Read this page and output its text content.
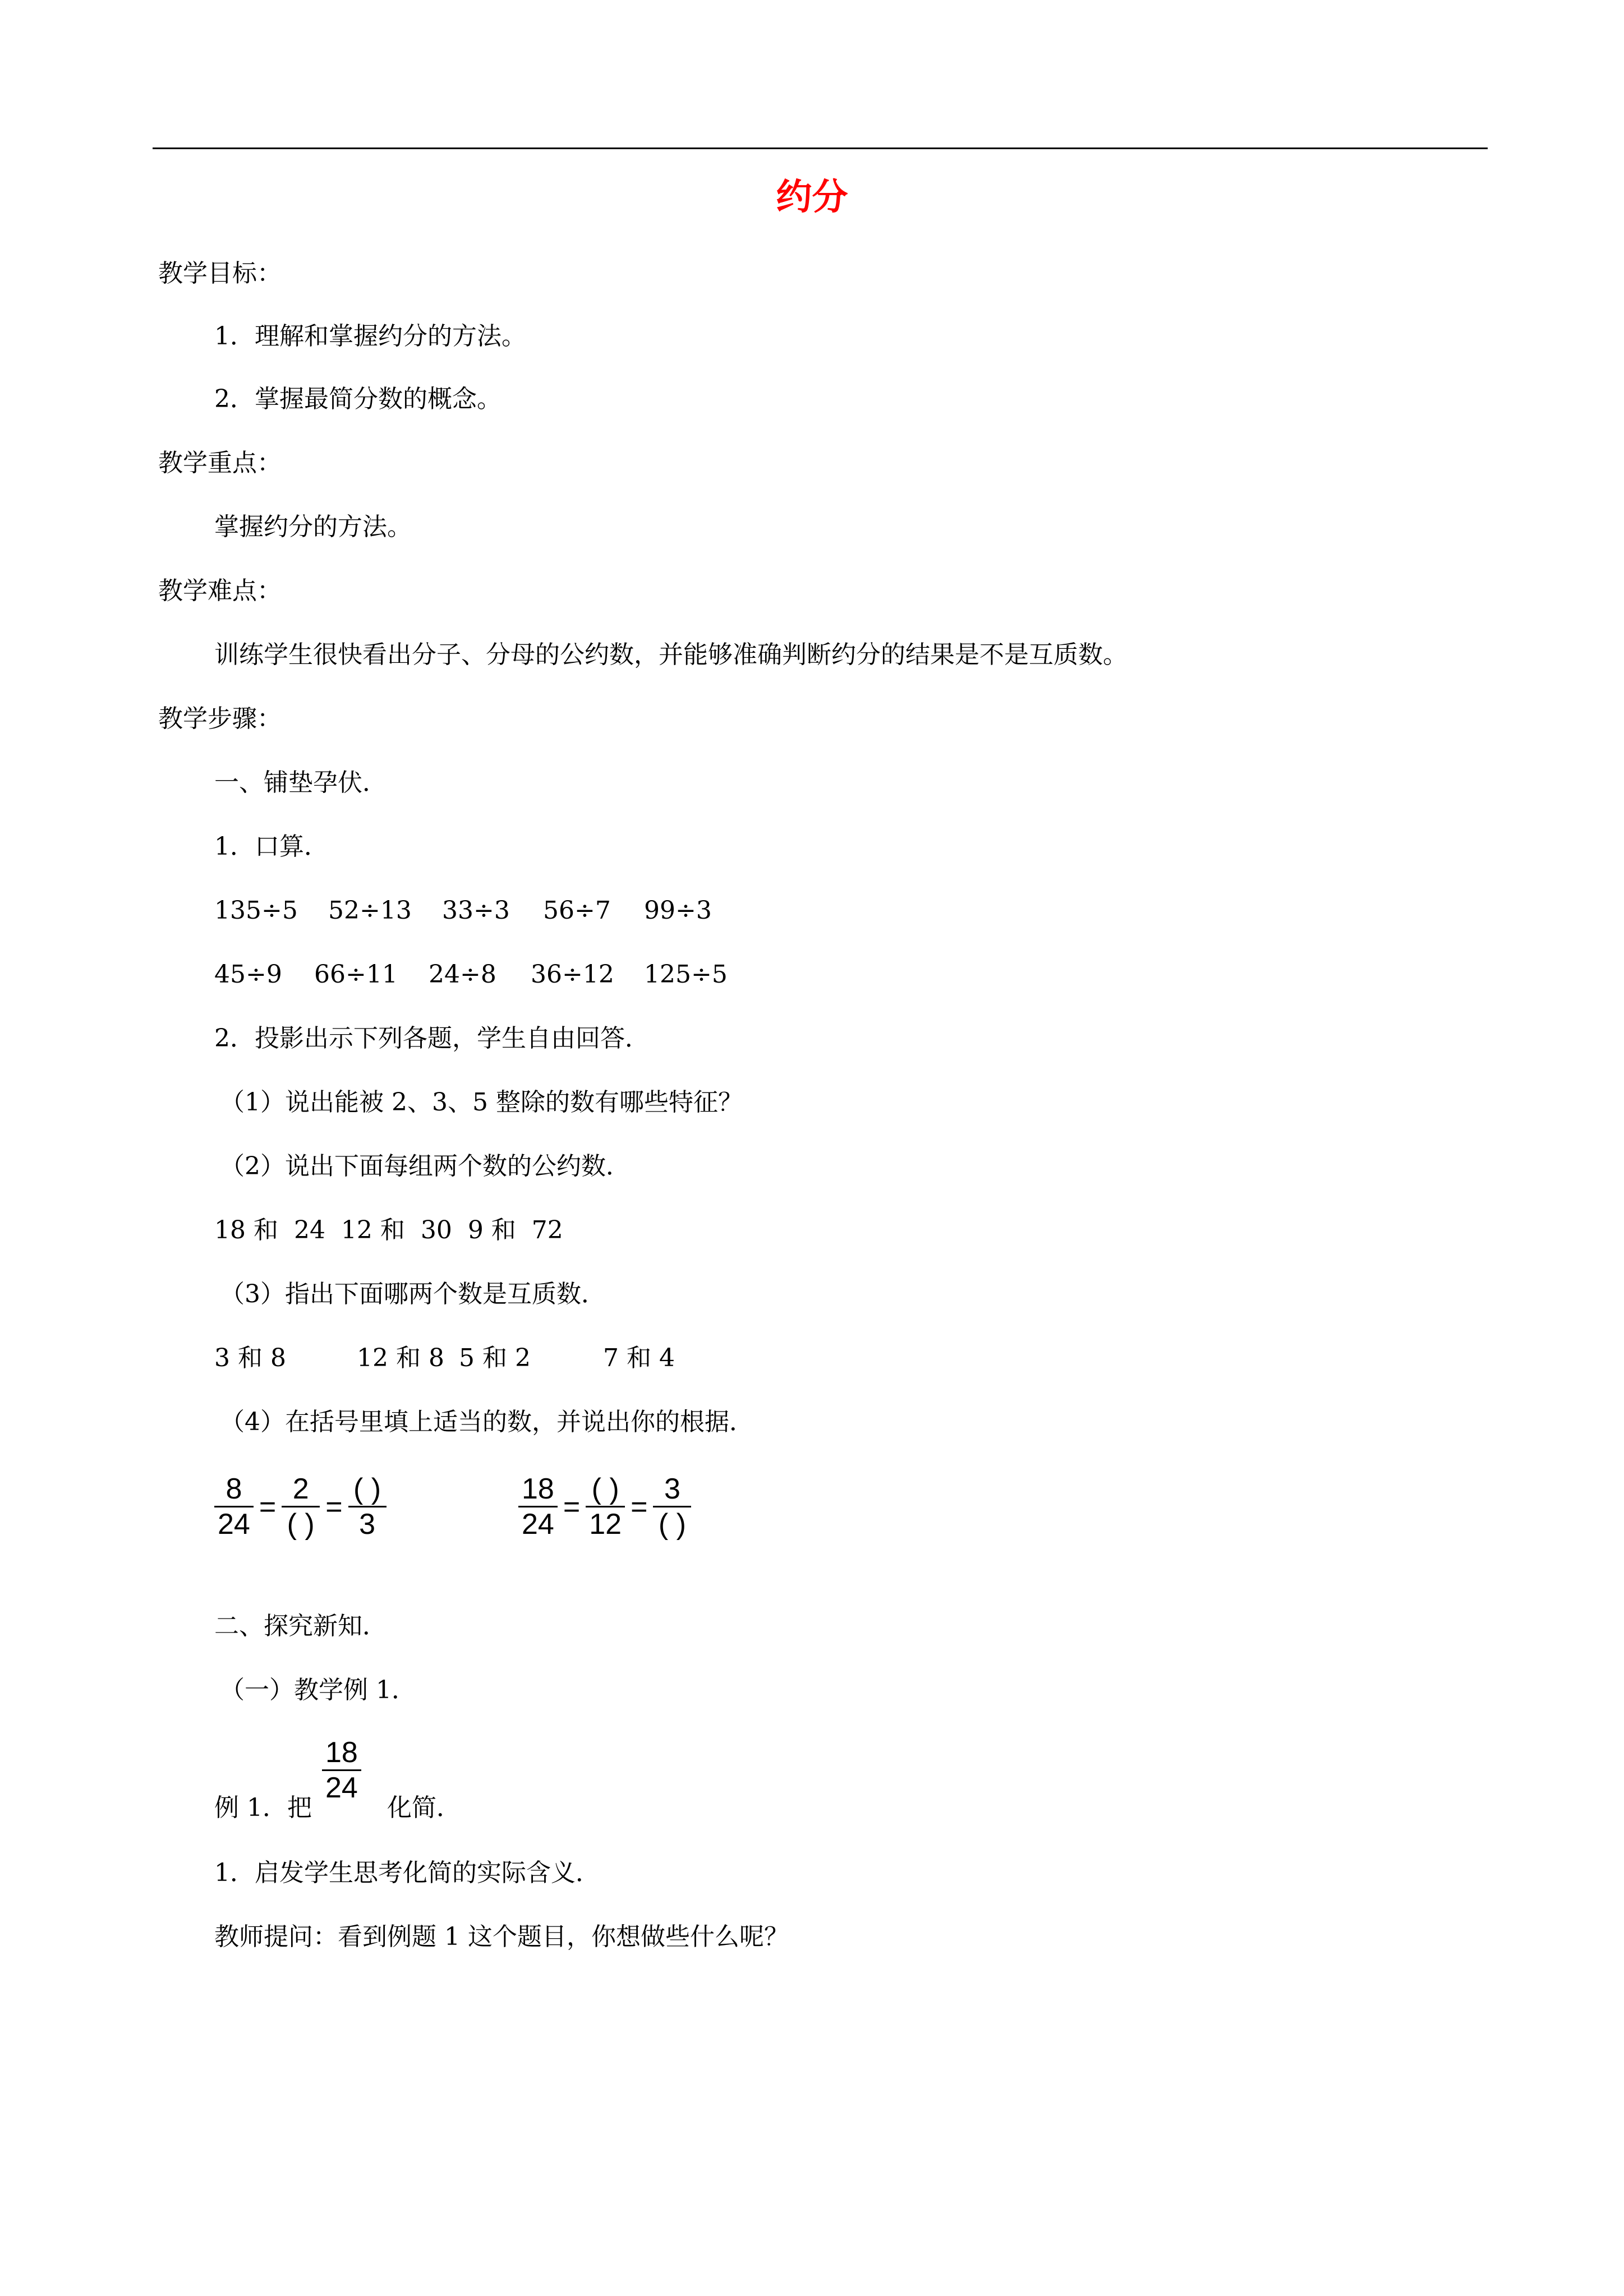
约分
教学目标：
1．理解和掌握约分的方法。
2．掌握最简分数的概念。
教学重点：
掌握约分的方法。
教学难点：
训练学生很快看出分子、分母的公约数，并能够准确判断约分的结果是不是互质数。
教学步骤：
一、铺垫孕伏．
1．口算．
135÷5 52÷13 33÷3 56÷7 99÷3
45÷9 66÷11 24÷8 36÷12 125÷5
2．投影出示下列各题，学生自由回答．
（1）说出能被 2、3、5 整除的数有哪些特征？
（2）说出下面每组两个数的公约数．
18 和  24  12 和  30  9 和  72
（3）指出下面哪两个数是互质数．
3 和 8	12 和 8 5 和 2	7 和 4
（4）在括号里填上适当的数，并说出你的根据．
$\frac{8}{24} = \frac{2}{( )} = \frac{( )}{3}$	$\frac{18}{24} = \frac{( )}{12} = \frac{3}{( )}$
二、探究新知．
（一）教学例 1．
例 1．把
$\frac{18}{24}$
化简．
1．启发学生思考化简的实际含义．
教师提问：看到例题 1 这个题目，你想做些什么呢？
